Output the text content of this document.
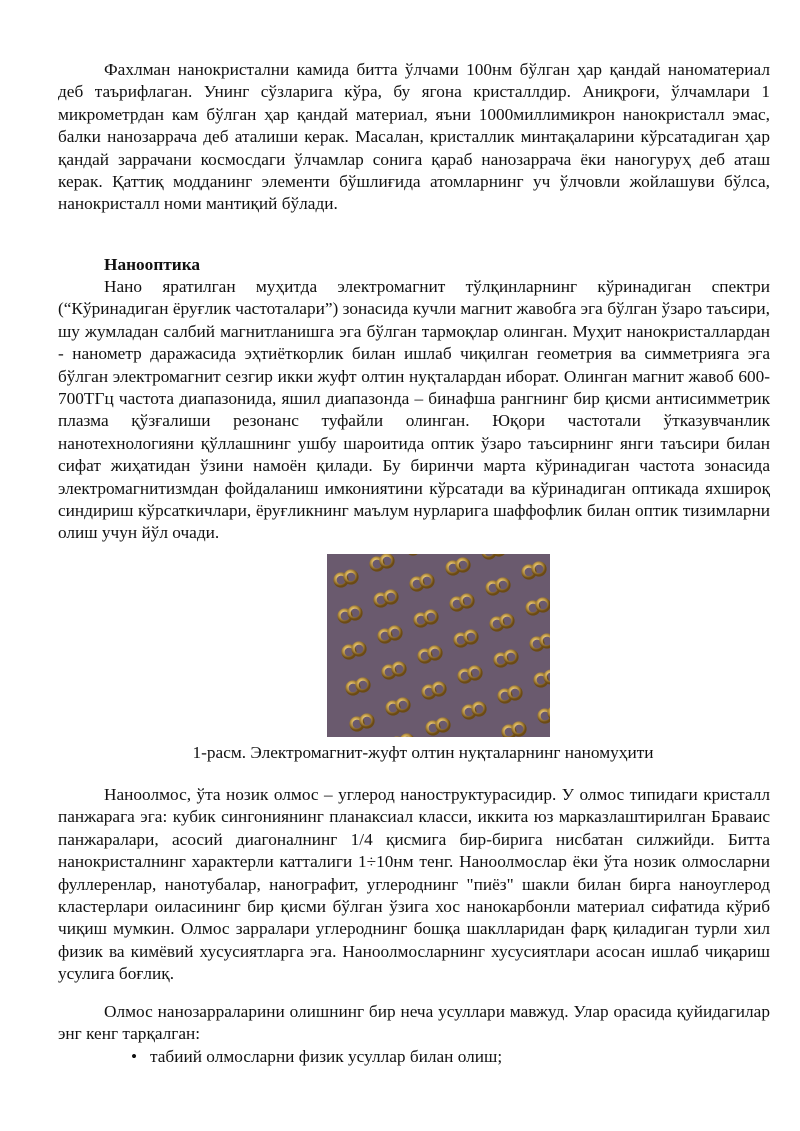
Фахлман нанокристални камида битта ўлчами 100нм бўлган ҳар қандай наноматериал деб таърифлаган. Унинг сўзларига кўра, бу ягона кристаллдир. Аниқроғи, ўлчамлари 1 микрометрдан кам бўлган ҳар қандай материал, яъни 1000миллимикрон нанокристалл эмас, балки нанозаррача деб аталиши керак. Масалан, кристаллик минтақаларини кўрсатадиган ҳар қандай заррачани космосдаги ўлчамлар сонига қараб нанозаррача ёки наногуруҳ деб аташ керак. Қаттиқ модданинг элементи бўшлиғида атомларнинг уч ўлчовли жойлашуви бўлса, нанокристалл номи мантиқий бўлади.

Нанооптика

Нано яратилган муҳитда электромагнит тўлқинларнинг кўринадиган спектри (“Кўринадиган ёруғлик частоталари”) зонасида кучли магнит жавобга эга бўлган ўзаро таъсири, шу жумладан салбий магнитланишга эга бўлган тармоқлар олинган. Муҳит нанокристаллардан - нанометр даражасида эҳтиёткорлик билан ишлаб чиқилган геометрия ва симметрияга эга бўлган электромагнит сезгир икки жуфт олтин нуқталардан иборат. Олинган магнит жавоб 600-700ТГц частота диапазонида, яшил диапазонда – бинафша рангнинг бир қисми антисимметрик плазма қўзғалиши резонанс туфайли олинган. Юқори частотали ўтказувчанлик нанотехнологияни қўллашнинг ушбу шароитида оптик ўзаро таъсирнинг янги таъсири билан сифат жиҳатидан ўзини намоён қилади. Бу биринчи марта кўринадиган частота зонасида электромагнитизмдан фойдаланиш имкониятини кўрсатади ва кўринадиган оптикада яхшироқ синдириш кўрсаткичлари, ёруғликнинг маълум нурларига шаффофлик билан оптик тизимларни олиш учун йўл очади.

1-расм. Электромагнит-жуфт олтин нуқталарнинг наномуҳити

Наноолмос, ўта нозик олмос – углерод наноструктурасидир. У олмос типидаги кристалл панжарага эга: кубик сингониянинг планаксиал класси, иккита юз марказлаштирилган Бравaис панжаралари, асосий диагоналнинг 1/4 қисмига бир-бирига нисбатан силжийди. Битта нанокристалнинг характерли катталиги 1÷10нм тенг. Наноолмослар ёки ўта нозик олмосларни фуллеренлар, нанотубалар, нанографит, углероднинг "пиёз" шакли билан бирга наноуглерод кластерлари оиласининг бир қисми бўлган ўзига хос нанокарбонли материал сифатида кўриб чиқиш мумкин. Олмос зарралари углероднинг бошқа шаклларидан фарқ қиладиган турли хил физик ва кимёвий хусусиятларга эга. Наноолмосларнинг хусусиятлари асосан ишлаб чиқариш усулига боғлиқ.

Олмос нанозарраларини олишнинг бир неча усуллари мавжуд. Улар орасида қуйидагилар энг кенг тарқалган:

• табиий олмосларни физик усуллар билан олиш;
